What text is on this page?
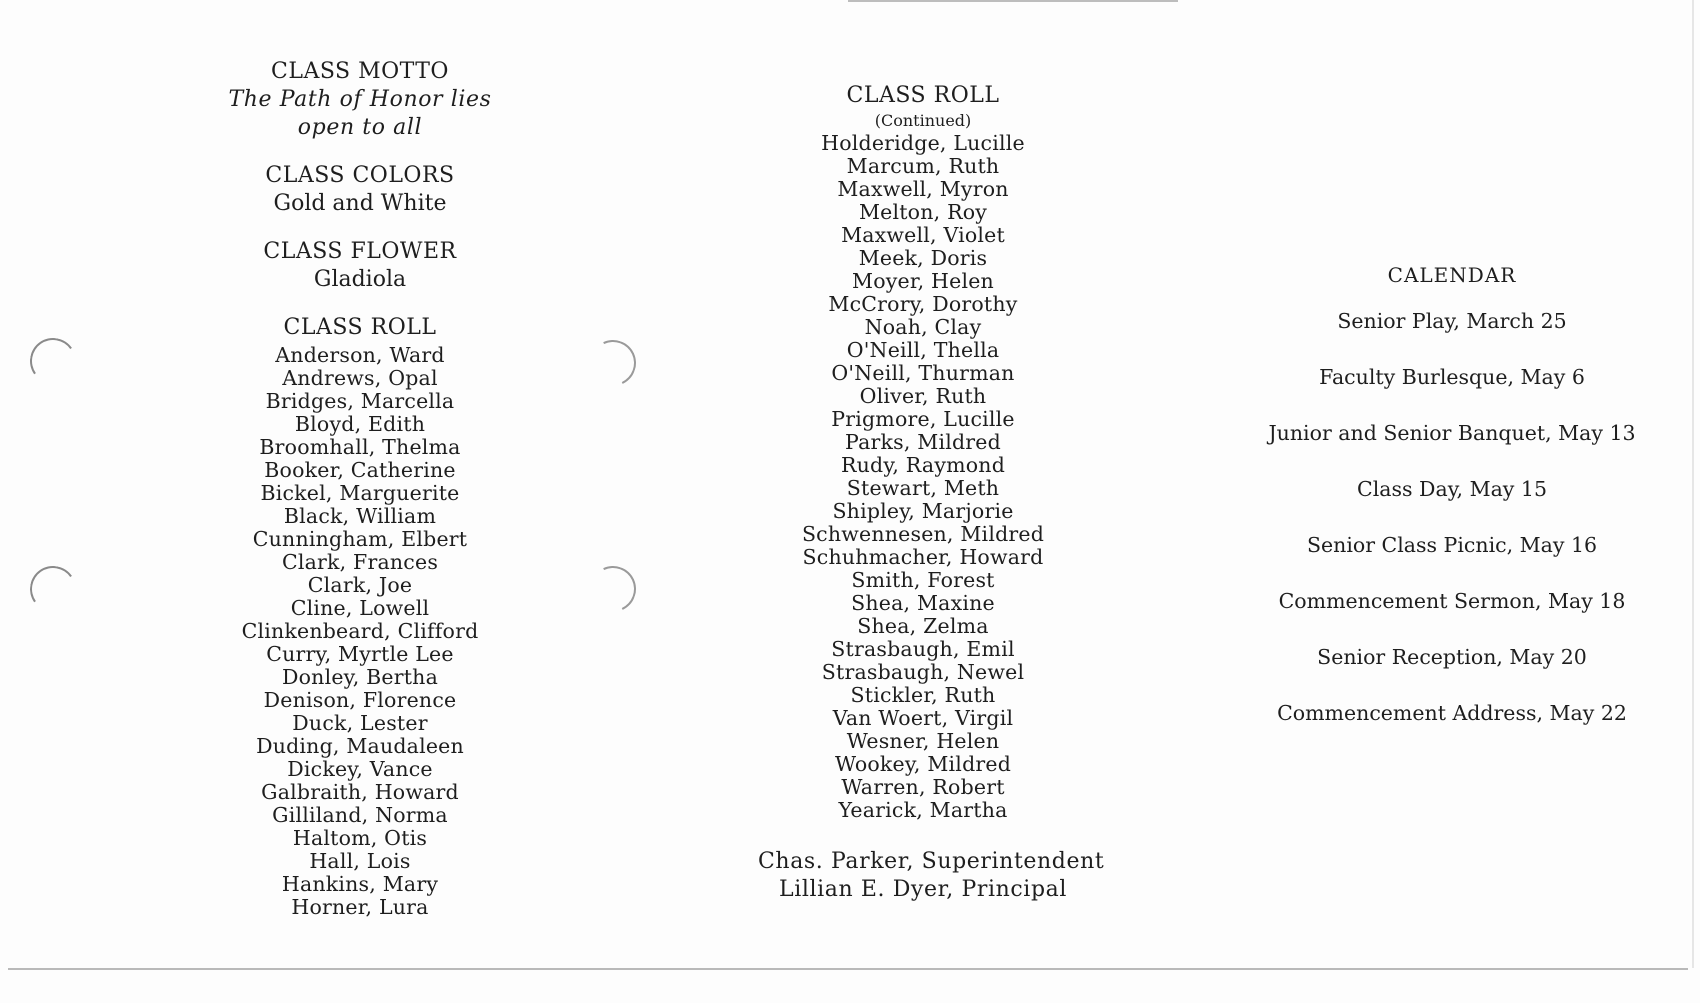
CLASS MOTTO
The Path of Honor lies open to all
CLASS COLORS
Gold and White
CLASS FLOWER
Gladiola
CLASS ROLL
Anderson, Ward
Andrews, Opal
Bridges, Marcella
Bloyd, Edith
Broomhall, Thelma
Booker, Catherine
Bickel, Marguerite
Black, William
Cunningham, Elbert
Clark, Frances
Clark, Joe
Cline, Lowell
Clinkenbeard, Clifford
Curry, Myrtle Lee
Donley, Bertha
Denison, Florence
Duck, Lester
Duding, Maudaleen
Dickey, Vance
Galbraith, Howard
Gilliland, Norma
Haltom, Otis
Hall, Lois
Hankins, Mary
Horner, Lura
CLASS ROLL
(Continued)
Holderidge, Lucille
Marcum, Ruth
Maxwell, Myron
Melton, Roy
Maxwell, Violet
Meek, Doris
Moyer, Helen
McCrory, Dorothy
Noah, Clay
O'Neill, Thella
O'Neill, Thurman
Oliver, Ruth
Prigmore, Lucille
Parks, Mildred
Rudy, Raymond
Stewart, Meth
Shipley, Marjorie
Schwennesen, Mildred
Schuhmacher, Howard
Smith, Forest
Shea, Maxine
Shea, Zelma
Strasbaugh, Emil
Strasbaugh, Newel
Stickler, Ruth
Van Woert, Virgil
Wesner, Helen
Wookey, Mildred
Warren, Robert
Yearick, Martha
Chas. Parker, Superintendent
Lillian E. Dyer, Principal
CALENDAR
Senior Play, March 25
Faculty Burlesque, May 6
Junior and Senior Banquet, May 13
Class Day, May 15
Senior Class Picnic, May 16
Commencement Sermon, May 18
Senior Reception, May 20
Commencement Address, May 22
